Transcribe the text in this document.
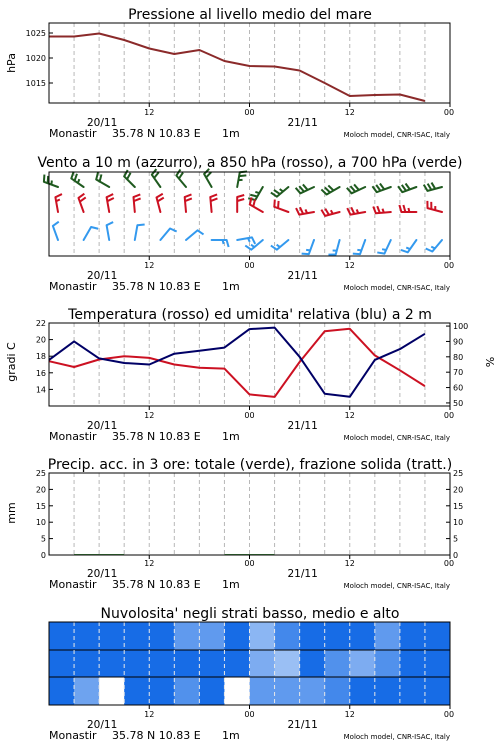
Pressione al livello medio del mare
hPa
1015
1020
1025
12	00	12	00
20/11	21/11
Monastir 35.78 N 10.83 E 1m	Moloch model, CNR-ISAC, Italy
Vento a 10 m (azzurro), a 850 hPa (rosso), a 700 hPa (verde)
12	00	12	00
20/11	21/11
Monastir 35.78 N 10.83 E 1m	Moloch model, CNR-ISAC, Italy
Temperatura (rosso) ed umidita' relativa (blu) a 2 m
gradi C	%
14
16
18
20
22
50
60
70
80
90
100
12	00	12	00
20/11	21/11
Monastir 35.78 N 10.83 E 1m	Moloch model, CNR-ISAC, Italy
Precip. acc. in 3 ore: totale (verde), frazione solida (tratt.)
mm
0
5
10
15
20
25
0
5
10
15
20
25
12	00	12	00
20/11	21/11
Monastir 35.78 N 10.83 E 1m	Moloch model, CNR-ISAC, Italy
Nuvolosita' negli strati basso, medio e alto
12	00	12	00
20/11	21/11
Monastir 35.78 N 10.83 E 1m	Moloch model, CNR-ISAC, Italy
